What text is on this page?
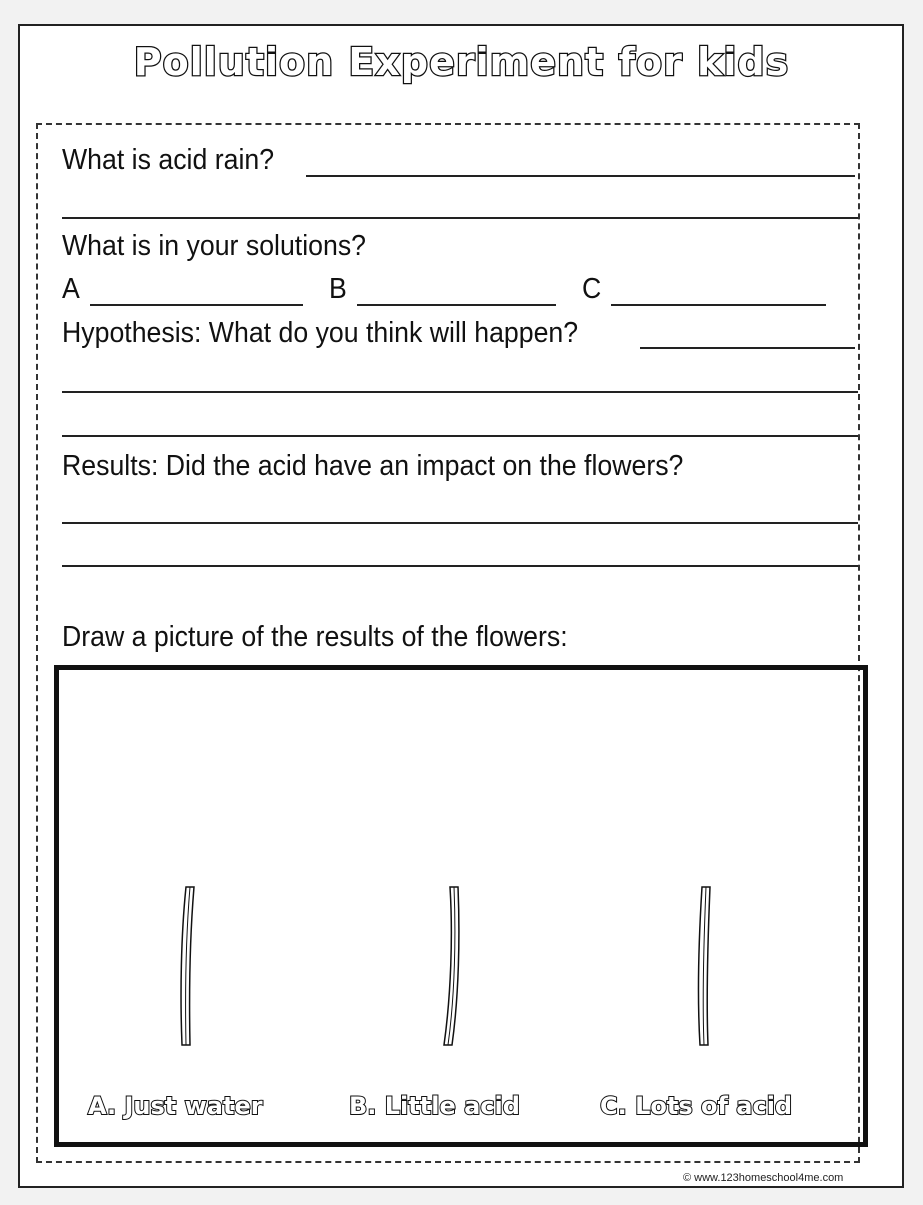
Pollution Experiment for kids
What is acid rain?
What is in your solutions?
A	B	C
Hypothesis: What do you think will happen?
Results: Did the acid have an impact on the flowers?
Draw a picture of the results of the flowers:
A. Just water	B. Little acid	C. Lots of acid
© www.123homeschool4me.com
